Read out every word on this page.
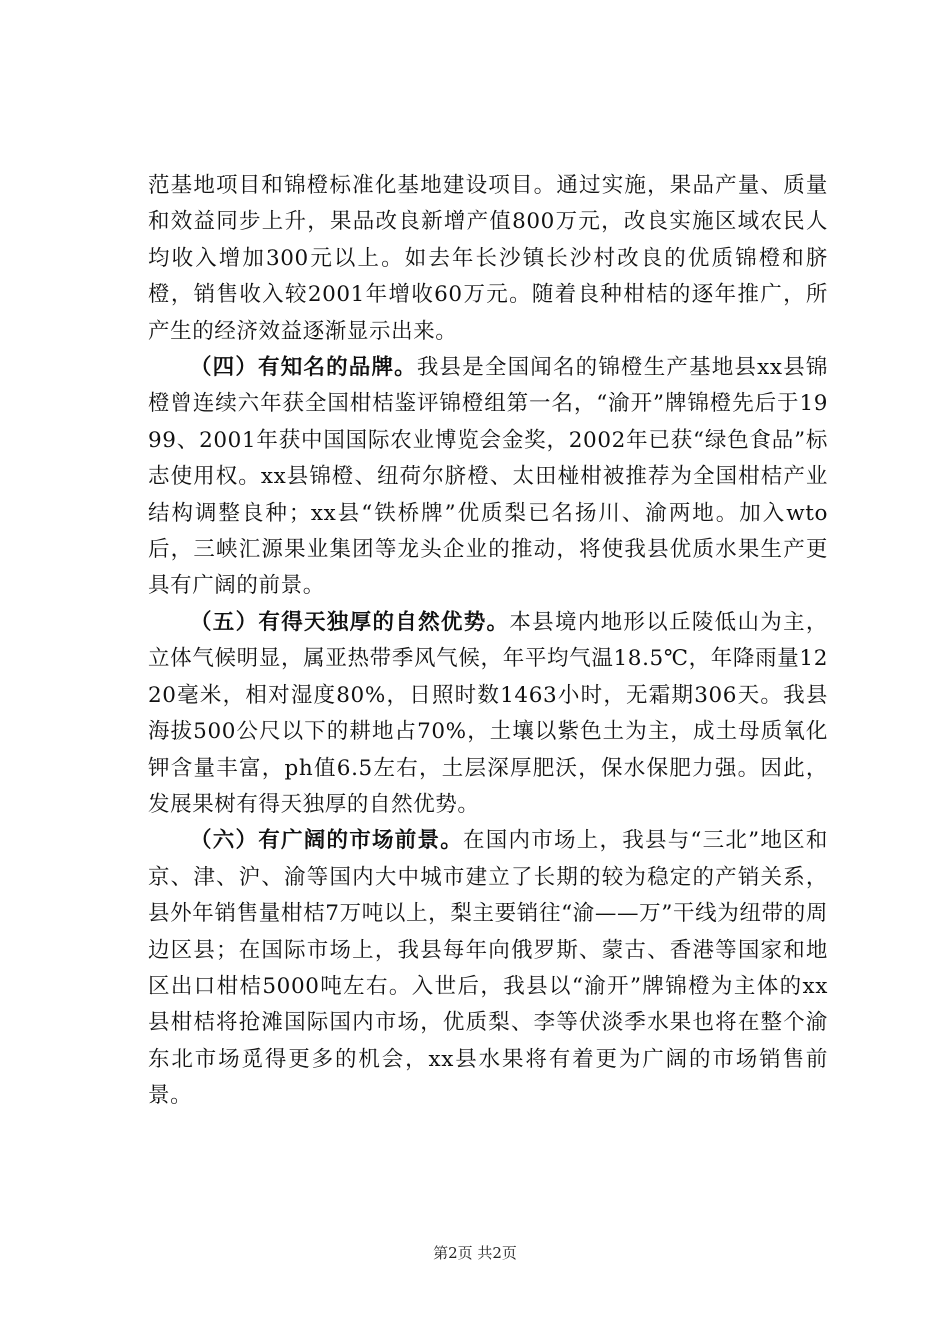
范基地项目和锦橙标准化基地建设项目。通过实施，果品产量、质量和效益同步上升，果品改良新增产值800万元，改良实施区域农民人均收入增加300元以上。如去年长沙镇长沙村改良的优质锦橙和脐橙，销售收入较2001年增收60万元。随着良种柑桔的逐年推广，所产生的经济效益逐渐显示出来。

（四）有知名的品牌。我县是全国闻名的锦橙生产基地县xx县锦橙曾连续六年获全国柑桔鉴评锦橙组第一名，“渝开”牌锦橙先后于1999、2001年获中国国际农业博览会金奖，2002年已获“绿色食品”标志使用权。xx县锦橙、纽荷尔脐橙、太田椪柑被推荐为全国柑桔产业结构调整良种；xx县“铁桥牌”优质梨已名扬川、渝两地。加入wto后，三峡汇源果业集团等龙头企业的推动，将使我县优质水果生产更具有广阔的前景。

（五）有得天独厚的自然优势。本县境内地形以丘陵低山为主，立体气候明显，属亚热带季风气候，年平均气温18.5℃，年降雨量1220毫米，相对湿度80%，日照时数1463小时，无霜期306天。我县海拔500公尺以下的耕地占70%，土壤以紫色土为主，成土母质氧化钾含量丰富，ph值6.5左右，土层深厚肥沃，保水保肥力强。因此，发展果树有得天独厚的自然优势。

（六）有广阔的市场前景。在国内市场上，我县与“三北”地区和京、津、沪、渝等国内大中城市建立了长期的较为稳定的产销关系，县外年销售量柑桔7万吨以上，梨主要销往“渝——万”干线为纽带的周边区县；在国际市场上，我县每年向俄罗斯、蒙古、香港等国家和地区出口柑桔5000吨左右。入世后，我县以“渝开”牌锦橙为主体的xx县柑桔将抢滩国际国内市场，优质梨、李等伏淡季水果也将在整个渝东北市场觅得更多的机会，xx县水果将有着更为广阔的市场销售前景。

第2页 共2页
